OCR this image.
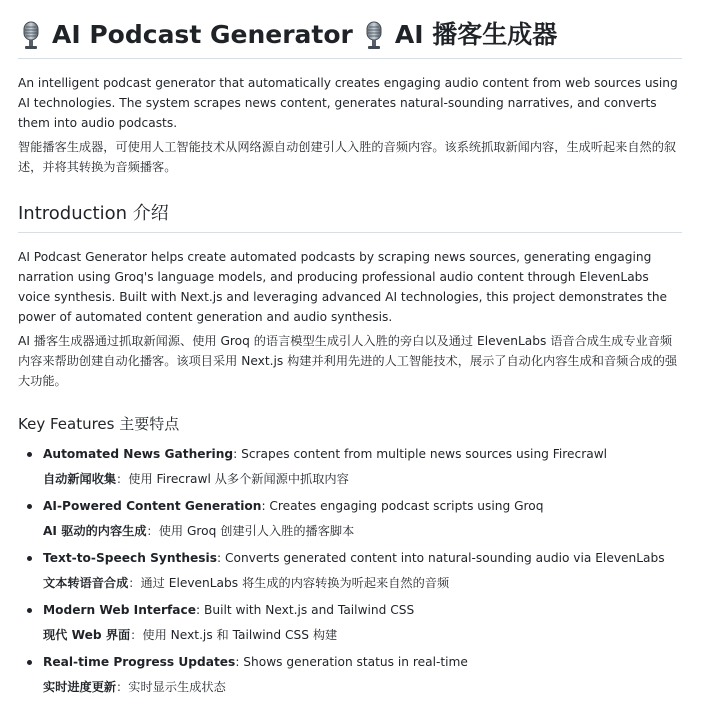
AI Podcast Generator AI 播客生成器

An intelligent podcast generator that automatically creates engaging audio content from web sources using AI technologies. The system scrapes news content, generates natural-sounding narratives, and converts them into audio podcasts.

智能播客生成器，可使用人工智能技术从网络源自动创建引人入胜的音频内容。该系统抓取新闻内容，生成听起来自然的叙述，并将其转换为音频播客。

Introduction 介绍

AI Podcast Generator helps create automated podcasts by scraping news sources, generating engaging narration using Groq's language models, and producing professional audio content through ElevenLabs voice synthesis. Built with Next.js and leveraging advanced AI technologies, this project demonstrates the power of automated content generation and audio synthesis.

AI 播客生成器通过抓取新闻源、使用 Groq 的语言模型生成引人入胜的旁白以及通过 ElevenLabs 语音合成生成专业音频内容来帮助创建自动化播客。该项目采用 Next.js 构建并利用先进的人工智能技术，展示了自动化内容生成和音频合成的强大功能。

Key Features 主要特点
Automated News Gathering: Scrapes content from multiple news sources using Firecrawl
自动新闻收集：使用 Firecrawl 从多个新闻源中抓取内容
AI-Powered Content Generation: Creates engaging podcast scripts using Groq
AI 驱动的内容生成：使用 Groq 创建引人入胜的播客脚本
Text-to-Speech Synthesis: Converts generated content into natural-sounding audio via ElevenLabs
文本转语音合成：通过 ElevenLabs 将生成的内容转换为听起来自然的音频
Modern Web Interface: Built with Next.js and Tailwind CSS
现代 Web 界面：使用 Next.js 和 Tailwind CSS 构建
Real-time Progress Updates: Shows generation status in real-time
实时进度更新：实时显示生成状态
